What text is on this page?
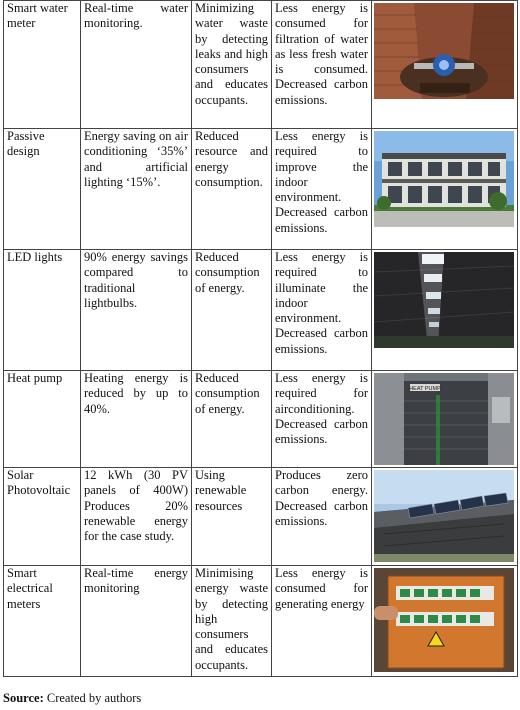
Smart water meter	Real-time water monitoring.	Minimizing water waste by detecting leaks and high consumers and educates occupants.	Less energy is consumed for filtration of water as less fresh water is consumed. Decreased carbon emissions.	

Passive design	Energy saving on air conditioning ‘35%’ and artificial lighting ‘15%’.	Reduced resource and energy consumption.	Less energy is required to improve the indoor environment. Decreased carbon emissions.	

LED lights	90% energy savings compared to traditional lightbulbs.	Reduced consumption of energy.	Less energy is required to illuminate the indoor environment. Decreased carbon emissions.	

Heat pump	Heating energy is reduced by up to 40%.	Reduced consumption of energy.	Less energy is required for airconditioning. Decreased carbon emissions.	HEAT PUMP

Solar Photovoltaic	12 kWh (30 PV panels of 400W) Produces 20% renewable energy for the case study.	Using renewable resources	Produces zero carbon energy. Decreased carbon emissions.	

Smart electrical meters	Real-time energy monitoring	Minimising energy waste by detecting high consumers and educates occupants.	Less energy is consumed for generating energy	
Source: Created by authors
